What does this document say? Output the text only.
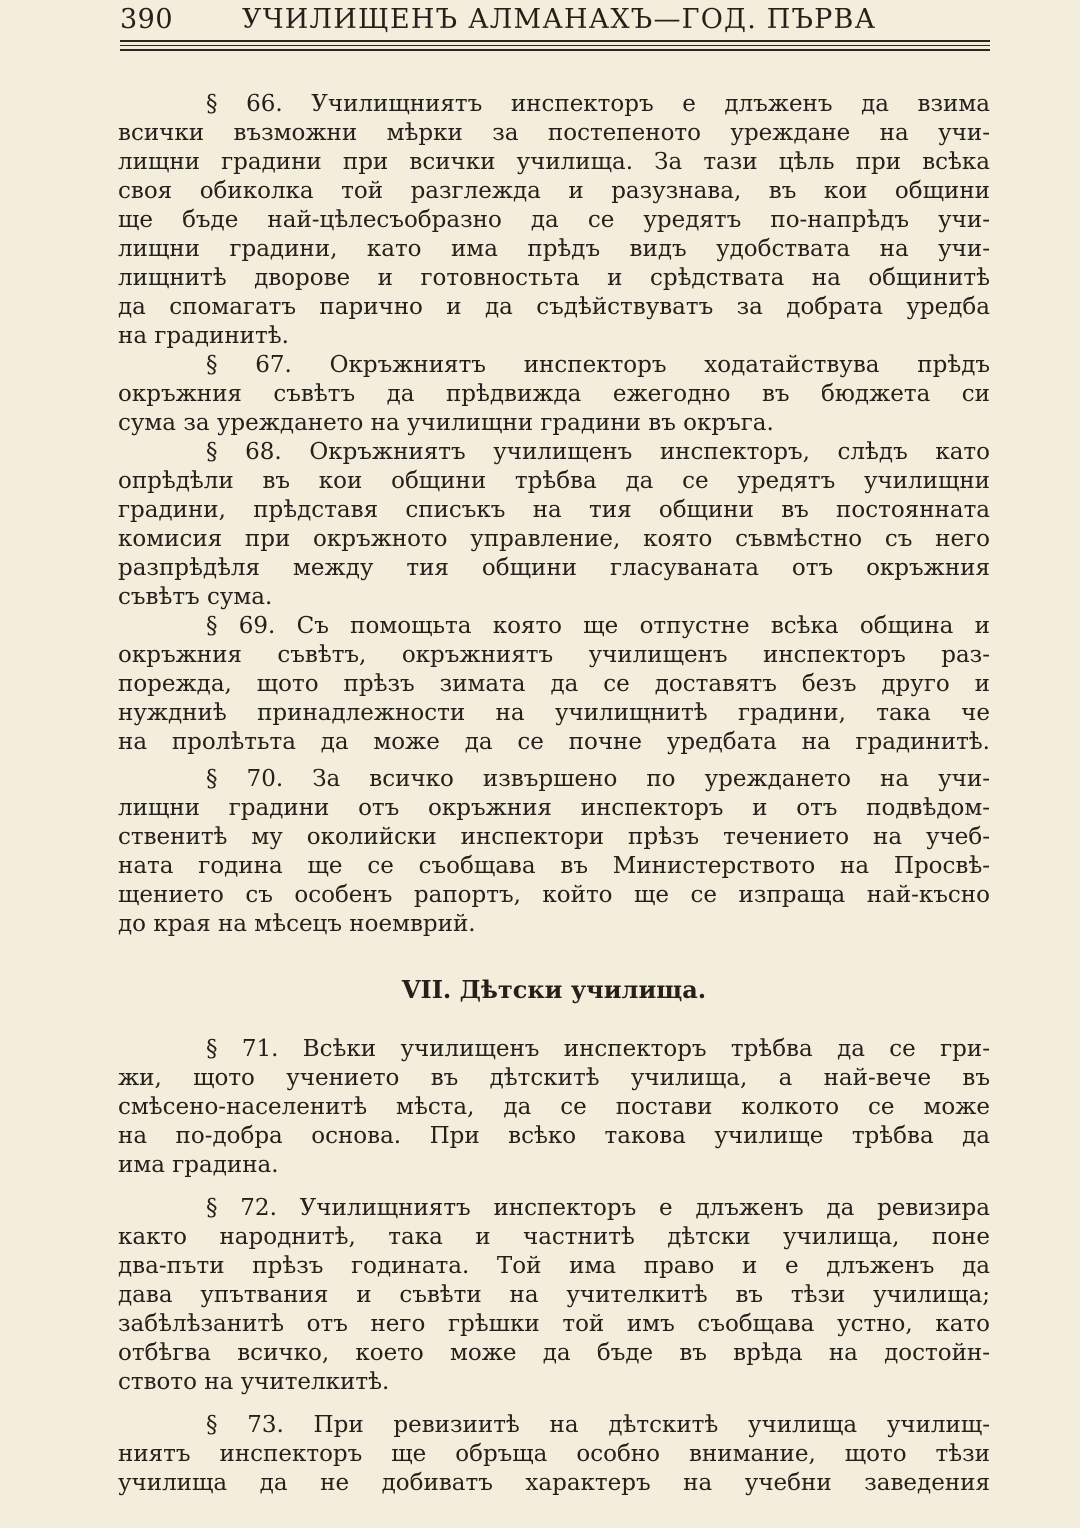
390	УЧИЛИЩЕНЪ АЛМАНАХЪ—ГОД. ПЪРВА

§ 66. Училищниятъ инспекторъ е длъженъ да взима
всички възможни мѣрки за постепеното уреждане на учи-
лищни градини при всички училища. За тази цѣль при всѣка
своя обиколка той разглежда и разузнава, въ кои общини
ще бъде най-цѣлесъобразно да се уредятъ по-напрѣдъ учи-
лищни градини, като има прѣдъ видъ удобствата на учи-
лищнитѣ дворове и готовностьта и срѣдствата на общинитѣ
да спомагатъ парично и да съдѣйствуватъ за добрата уредба
на градинитѣ.

§ 67. Окръжниятъ инспекторъ ходатайствува прѣдъ
окръжния съвѣтъ да прѣдвижда ежегодно въ бюджета си
сума за уреждането на училищни градини въ окръга.

§ 68. Окръжниятъ училищенъ инспекторъ, слѣдъ като
опрѣдѣли въ кои общини трѣбва да се уредятъ училищни
градини, прѣдставя списъкъ на тия общини въ постоянната
комисия при окръжното управление, която съвмѣстно съ него
разпрѣдѣля между тия общини гласуваната отъ окръжния
съвѣтъ сума.

§ 69. Съ помощьта която ще отпустне всѣка община и
окръжния съвѣтъ, окръжниятъ училищенъ инспекторъ раз-
порежда, щото прѣзъ зимата да се доставятъ безъ друго и
нуждниѣ принадлежности на училищнитѣ градини, така че
на пролѣтьта да може да се почне уредбата на градинитѣ.

§ 70. За всичко извършено по уреждането на учи-
лищни градини отъ окръжния инспекторъ и отъ подвѣдом-
ственитѣ му околийски инспектори прѣзъ течението на учеб-
ната година ще се съобщава въ Министерството на Просвѣ-
щението съ особенъ рапортъ, който ще се изпраща най-късно
до края на мѣсецъ ноемврий.

VII. Дѣтски училища.

§ 71. Всѣки училищенъ инспекторъ трѣбва да се гри-
жи, щото учението въ дѣтскитѣ училища, а най-вече въ
смѣсено-населенитѣ мѣста, да се постави колкото се може
на по-добра основа. При всѣко такова училище трѣбва да
има градина.

§ 72. Училищниятъ инспекторъ е длъженъ да ревизира
както народнитѣ, така и частнитѣ дѣтски училища, поне
два-пъти прѣзъ годината. Той има право и е длъженъ да
дава упътвания и съвѣти на учителкитѣ въ тѣзи училища;
забѣлѣзанитѣ отъ него грѣшки той имъ съобщава устно, като
отбѣгва всичко, което може да бъде въ врѣда на достойн-
ството на учителкитѣ.

§ 73. При ревизиитѣ на дѣтскитѣ училища училищ-
ниятъ инспекторъ ще обръща особно внимание, щото тѣзи
училища да не добиватъ характеръ на учебни заведения
